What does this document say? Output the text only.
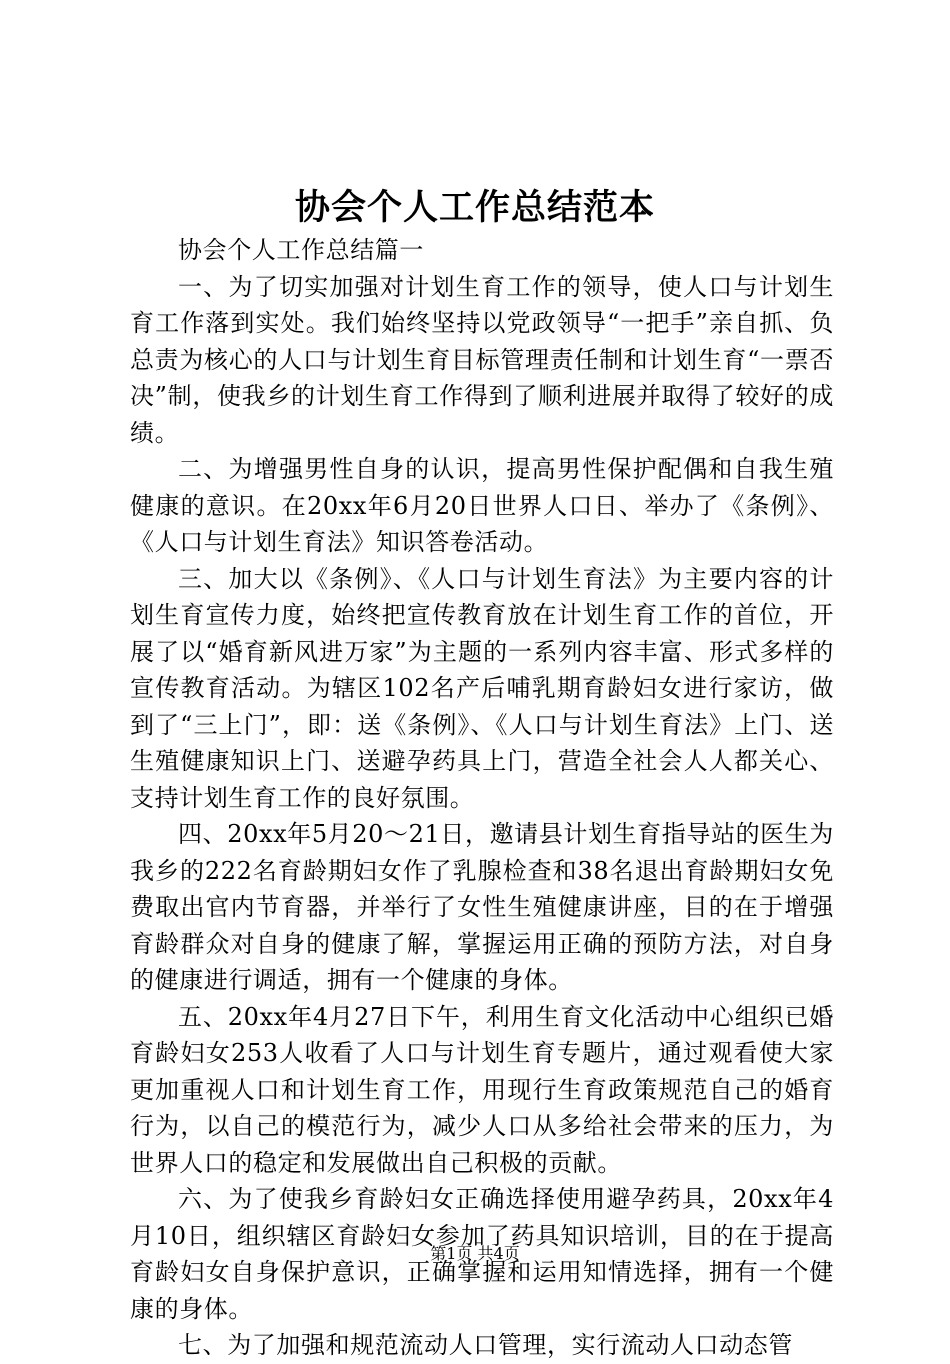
协会个人工作总结范本

协会个人工作总结篇一

一、为了切实加强对计划生育工作的领导，使人口与计划生育工作落到实处。我们始终坚持以党政领导“一把手”亲自抓、负总责为核心的人口与计划生育目标管理责任制和计划生育“一票否决”制，使我乡的计划生育工作得到了顺利进展并取得了较好的成绩。

二、为增强男性自身的认识，提高男性保护配偶和自我生殖健康的意识。在20xx年6月20日世界人口日、举办了《条例》、《人口与计划生育法》知识答卷活动。

三、加大以《条例》、《人口与计划生育法》为主要内容的计划生育宣传力度，始终把宣传教育放在计划生育工作的首位，开展了以“婚育新风进万家”为主题的一系列内容丰富、形式多样的宣传教育活动。为辖区102名产后哺乳期育龄妇女进行家访，做到了“三上门”，即：送《条例》、《人口与计划生育法》上门、送生殖健康知识上门、送避孕药具上门，营造全社会人人都关心、支持计划生育工作的良好氛围。

四、20xx年5月20～21日，邀请县计划生育指导站的医生为我乡的222名育龄期妇女作了乳腺检查和38名退出育龄期妇女免费取出官内节育器，并举行了女性生殖健康讲座，目的在于增强育龄群众对自身的健康了解，掌握运用正确的预防方法，对自身的健康进行调适，拥有一个健康的身体。

五、20xx年4月27日下午，利用生育文化活动中心组织已婚育龄妇女253人收看了人口与计划生育专题片，通过观看使大家更加重视人口和计划生育工作，用现行生育政策规范自己的婚育行为，以自己的模范行为，减少人口从多给社会带来的压力，为世界人口的稳定和发展做出自己积极的贡献。

六、为了使我乡育龄妇女正确选择使用避孕药具，20xx年4月10日，组织辖区育龄妇女参加了药具知识培训，目的在于提高育龄妇女自身保护意识，正确掌握和运用知情选择，拥有一个健康的身体。

七、为了加强和规范流动人口管理，实行流动人口动态管

第1页 共4页
